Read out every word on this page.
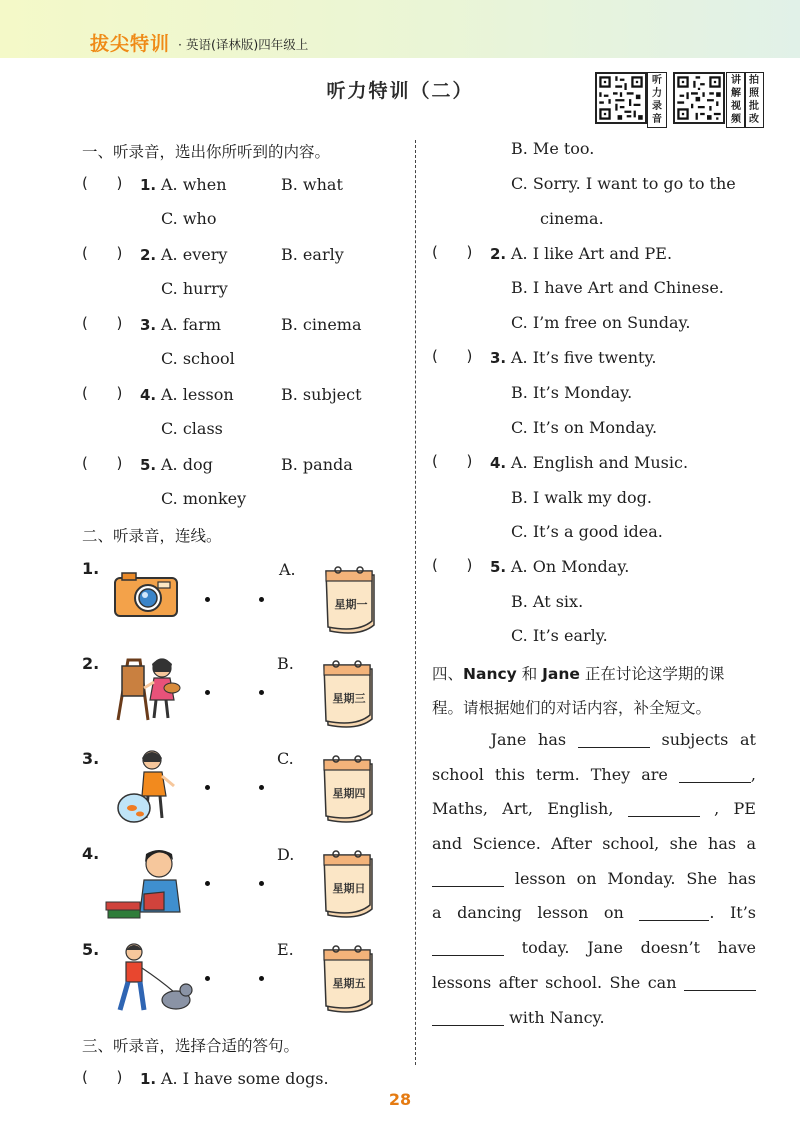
拔尖特训 · 英语(译林版)四年级上
听力特训（二）	听力录音
讲解视频
拍照批改
一、听录音，选出你所听到的内容。
(      ) 1. A. when	B. what
C. who
(      ) 2. A. every	B. early
C. hurry
(      ) 3. A. farm	B. cinema
C. school
(      ) 4. A. lesson	B. subject
C. class
(      ) 5. A. dog	B. panda
C. monkey
二、听录音，连线。
1.
2.
3.
4.
5.
A.
B.
C.
D.
E.
星期一
星期三
星期四
星期日
星期五
三、听录音，选择合适的答句。
(      ) 1. A. I have some dogs.
B. Me too.
C. Sorry. I want to go to the
cinema.
(      ) 2. A. I like Art and PE.
B. I have Art and Chinese.
C. I’m free on Sunday.
(      ) 3. A. It’s five twenty.
B. It’s Monday.
C. It’s on Monday.
(      ) 4. A. English and Music.
B. I walk my dog.
C. It’s a good idea.
(      ) 5. A. On Monday.
B. At six.
C. It’s early.
四、Nancy 和 Jane 正在讨论这学期的课
程。请根据她们的对话内容，补全短文。
Jane has	subjects at
school this term. They are	,
Maths, Art, English,	, PE
and Science. After school, she has a
lesson on Monday. She has
a dancing lesson on	. It’s
today. Jane doesn’t have
lessons after school. She can
with Nancy.
28
